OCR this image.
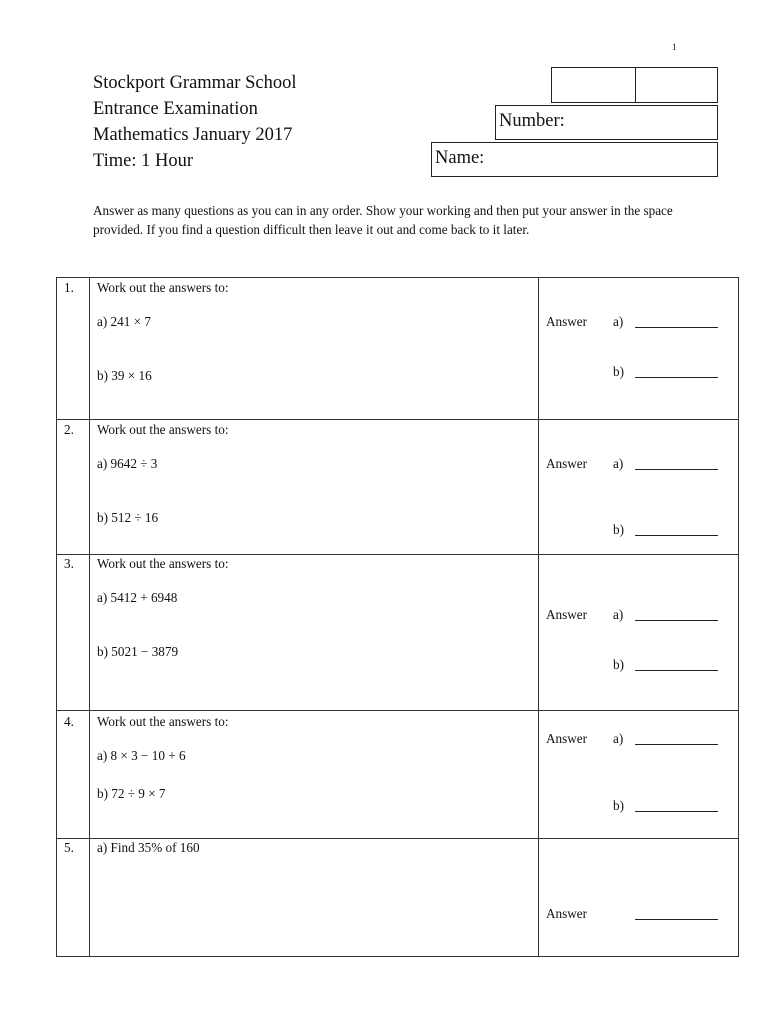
1
Stockport Grammar School
Entrance Examination
Mathematics January 2017
Time: 1 Hour
Number:
Name:
Answer as many questions as you can in any order. Show your working and then put your answer in the space provided. If you find a question difficult then leave it out and come back to it later.
1. Work out the answers to:
a) 241 × 7
b) 39 × 16
Answer a)
b)
2. Work out the answers to:
a) 9642 ÷ 3
b) 512 ÷ 16
Answer a)
b)
3. Work out the answers to:
a) 5412 + 6948
b) 5021 − 3879
Answer a)
b)
4. Work out the answers to:
a) 8 × 3 − 10 + 6
b) 72 ÷ 9 × 7
Answer a)
b)
5. a) Find 35% of 160
Answer
